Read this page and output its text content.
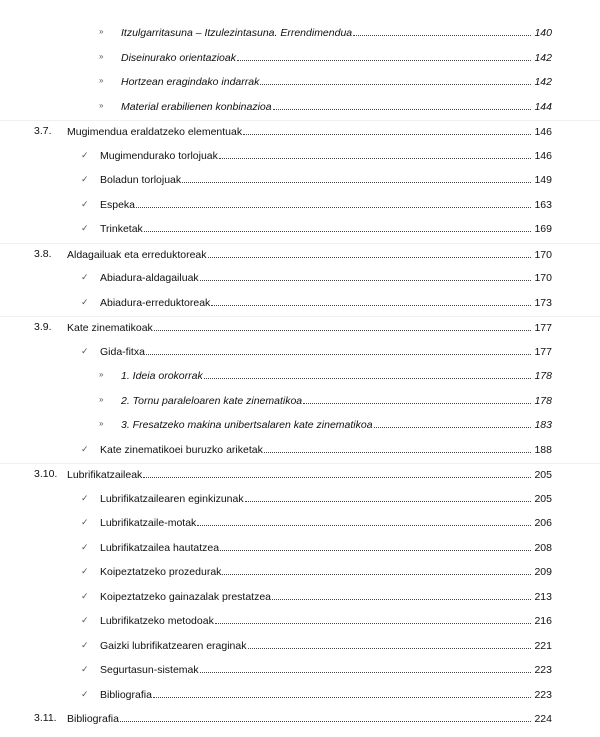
» Itzulgarritasuna – Itzulezintasuna. Errendimendua	140
» Diseinurako orientazioak	142
» Hortzean eragindako indarrak	142
» Material erabilienen konbinazioa	144
3.7. Mugimendua eraldatzeko elementuak	146
✓ Mugimendurako torlojuak	146
✓ Boladun torlojuak	149
✓ Espeka	163
✓ Trinketak	169
3.8. Aldagailuak eta erreduktoreak	170
✓ Abiadura-aldagailuak	170
✓ Abiadura-erreduktoreak	173
3.9. Kate zinematikoak	177
✓ Gida-fitxa	177
» 1. Ideia orokorrak	178
» 2. Tornu paraleloaren kate zinematikoa	178
» 3. Fresatzeko makina unibertsalaren kate zinematikoa	183
✓ Kate zinematikoei buruzko ariketak	188
3.10. Lubrifikatzaileak	205
✓ Lubrifikatzailearen eginkizunak	205
✓ Lubrifikatzaile-motak	206
✓ Lubrifikatzailea hautatzea	208
✓ Koipeztatzeko prozedurak	209
✓ Koipeztatzeko gainazalak prestatzea	213
✓ Lubrifikatzeko metodoak	216
✓ Gaizki lubrifikatzearen eraginak	221
✓ Segurtasun-sistemak	223
✓ Bibliografia	223
3.11. Bibliografia	224
